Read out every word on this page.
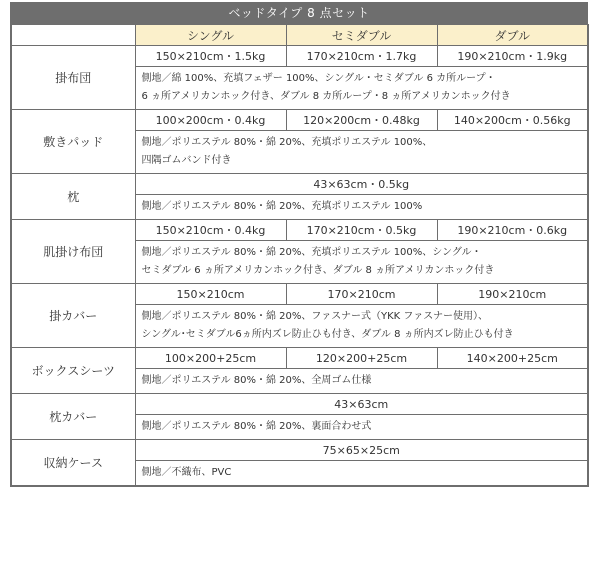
ベッドタイプ 8 点セット
	シングル	セミダブル	ダブル
掛布団	150×210cm・1.5kg	170×210cm・1.7kg	190×210cm・1.9kg

	側地／綿 100%、充填フェザー 100%、シングル・セミダブル 6 カ所ループ・
6 ヵ所アメリカンホック付き、ダブル 8 カ所ループ・8 ヵ所アメリカンホック付き		

敷きパッド	100×200cm・0.4kg	120×200cm・0.48kg	140×200cm・0.56kg

	側地／ポリエステル 80%・綿 20%、充填ポリエステル 100%、
四隅ゴムバンド付き		

枕	43×63cm・0.5kg		

	側地／ポリエステル 80%・綿 20%、充填ポリエステル 100%		

肌掛け布団	150×210cm・0.4kg	170×210cm・0.5kg	190×210cm・0.6kg

	側地／ポリエステル 80%・綿 20%、充填ポリエステル 100%、シングル・
セミダブル 6 ヵ所アメリカンホック付き、ダブル 8 ヵ所アメリカンホック付き		

掛カバー	150×210cm	170×210cm	190×210cm

	側地／ポリエステル 80%・綿 20%、ファスナー式（YKK ファスナー使用）、
シングル･セミダブル6ヵ所内ズレ防止ひも付き、ダブル 8 ヵ所内ズレ防止ひも付き		

ボックスシーツ	100×200+25cm	120×200+25cm	140×200+25cm

	側地／ポリエステル 80%・綿 20%、全周ゴム仕様		

枕カバー	43×63cm		

	側地／ポリエステル 80%・綿 20%、裏面合わせ式		

収納ケース	75×65×25cm		

	側地／不織布、PVC		
